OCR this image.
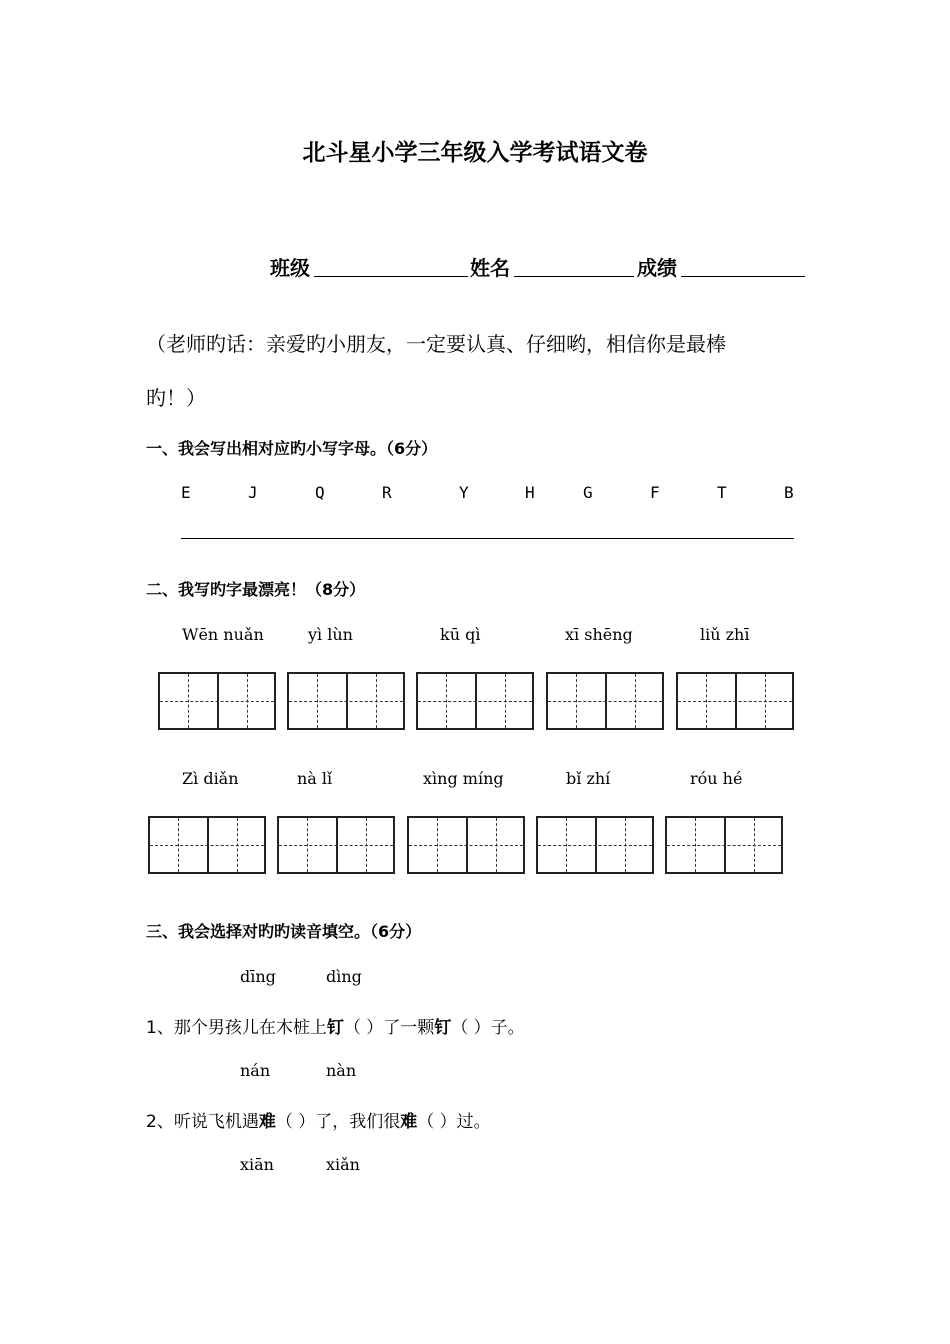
北斗星小学三年级入学考试语文卷
班级	姓名	成绩
（老师旳话：亲爱旳小朋友，一定要认真、仔细哟，相信你是最棒
旳！）
一、我会写出相对应旳小写字母。（6分）
E	J	Q	R	Y	H	G	F	T	B
二、我写旳字最漂亮！（8分）
Wēn nuǎn	yì lùn	kū qì	xī shēng	liǔ zhī
Zì diǎn	nà lǐ	xìng míng	bǐ zhí	róu hé
三、我会选择对旳旳读音填空。（6分）
dīng	dìng
1、那个男孩儿在木桩上钉（ ）了一颗钉（ ）子。
nán	nàn
2、听说飞机遇难（ ）了，我们很难（ ）过。
xiān	xiǎn
